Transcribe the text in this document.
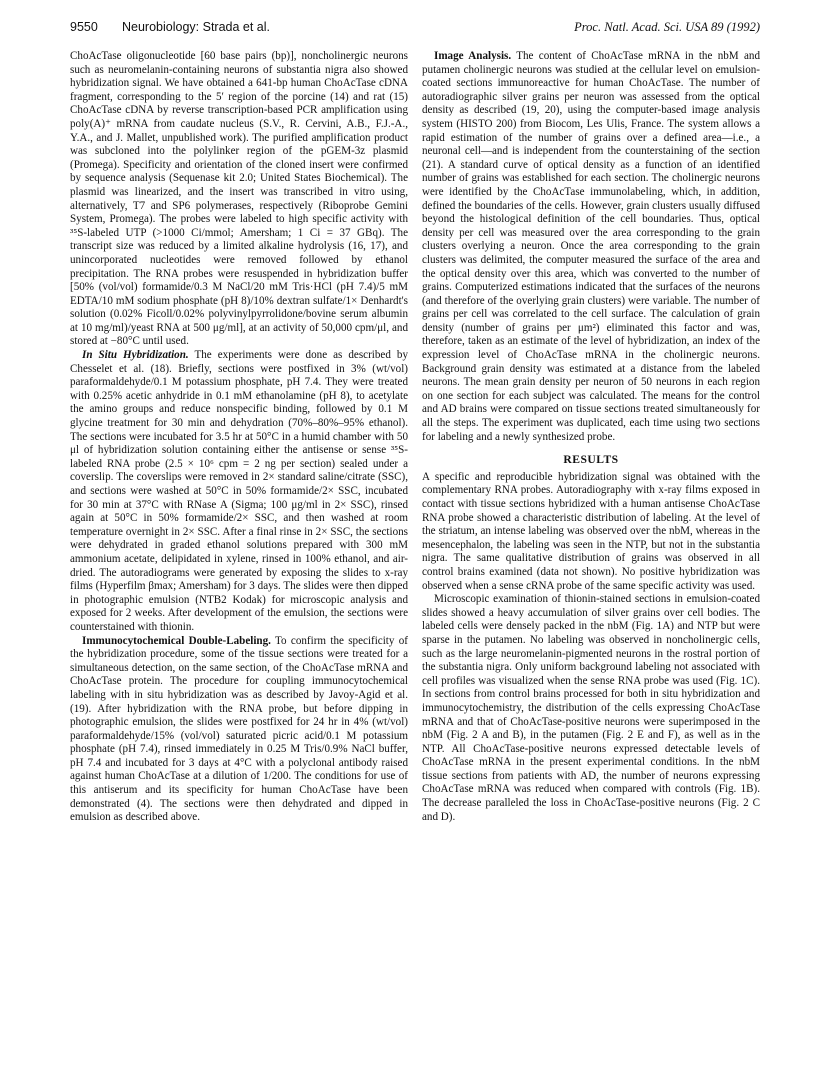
9550 Neurobiology: Strada et al.	Proc. Natl. Acad. Sci. USA 89 (1992)

ChoAcTase oligonucleotide [60 base pairs (bp)], noncholinergic neurons such as neuromelanin-containing neurons of substantia nigra also showed hybridization signal. We have obtained a 641-bp human ChoAcTase cDNA fragment, corresponding to the 5′ region of the porcine (14) and rat (15) ChoAcTase cDNA by reverse transcription-based PCR amplification using poly(A)⁺ mRNA from caudate nucleus (S.V., R. Cervini, A.B., F.J.-A., Y.A., and J. Mallet, unpublished work). The purified amplification product was subcloned into the polylinker region of the pGEM-3z plasmid (Promega). Specificity and orientation of the cloned insert were confirmed by sequence analysis (Sequenase kit 2.0; United States Biochemical). The plasmid was linearized, and the insert was transcribed in vitro using, alternatively, T7 and SP6 polymerases, respectively (Riboprobe Gemini System, Promega). The probes were labeled to high specific activity with ³⁵S-labeled UTP (>1000 Ci/mmol; Amersham; 1 Ci = 37 GBq). The transcript size was reduced by a limited alkaline hydrolysis (16, 17), and unincorporated nucleotides were removed followed by ethanol precipitation. The RNA probes were resuspended in hybridization buffer [50% (vol/vol) formamide/0.3 M NaCl/20 mM Tris·HCl (pH 7.4)/5 mM EDTA/10 mM sodium phosphate (pH 8)/10% dextran sulfate/1× Denhardt's solution (0.02% Ficoll/0.02% polyvinylpyrrolidone/bovine serum albumin at 10 mg/ml)/yeast RNA at 500 μg/ml], at an activity of 50,000 cpm/μl, and stored at −80°C until used.

In Situ Hybridization. The experiments were done as described by Chesselet et al. (18). Briefly, sections were postfixed in 3% (wt/vol) paraformaldehyde/0.1 M potassium phosphate, pH 7.4. They were treated with 0.25% acetic anhydride in 0.1 mM ethanolamine (pH 8), to acetylate the amino groups and reduce nonspecific binding, followed by 0.1 M glycine treatment for 30 min and dehydration (70%–80%–95% ethanol). The sections were incubated for 3.5 hr at 50°C in a humid chamber with 50 μl of hybridization solution containing either the antisense or sense ³⁵S-labeled RNA probe (2.5 × 10⁶ cpm = 2 ng per section) sealed under a coverslip. The coverslips were removed in 2× standard saline/citrate (SSC), and sections were washed at 50°C in 50% formamide/2× SSC, incubated for 30 min at 37°C with RNase A (Sigma; 100 μg/ml in 2× SSC), rinsed again at 50°C in 50% formamide/2× SSC, and then washed at room temperature overnight in 2× SSC. After a final rinse in 2× SSC, the sections were dehydrated in graded ethanol solutions prepared with 300 mM ammonium acetate, delipidated in xylene, rinsed in 100% ethanol, and air-dried. The autoradiograms were generated by exposing the slides to x-ray films (Hyperfilm βmax; Amersham) for 3 days. The slides were then dipped in photographic emulsion (NTB2 Kodak) for microscopic analysis and exposed for 2 weeks. After development of the emulsion, the sections were counterstained with thionin.

Immunocytochemical Double-Labeling. To confirm the specificity of the hybridization procedure, some of the tissue sections were treated for a simultaneous detection, on the same section, of the ChoAcTase mRNA and ChoAcTase protein. The procedure for coupling immunocytochemical labeling with in situ hybridization was as described by Javoy-Agid et al. (19). After hybridization with the RNA probe, but before dipping in photographic emulsion, the slides were postfixed for 24 hr in 4% (wt/vol) paraformaldehyde/15% (vol/vol) saturated picric acid/0.1 M potassium phosphate (pH 7.4), rinsed immediately in 0.25 M Tris/0.9% NaCl buffer, pH 7.4 and incubated for 3 days at 4°C with a polyclonal antibody raised against human ChoAcTase at a dilution of 1/200. The conditions for use of this antiserum and its specificity for human ChoAcTase have been demonstrated (4). The sections were then dehydrated and dipped in emulsion as described above.

Image Analysis. The content of ChoAcTase mRNA in the nbM and putamen cholinergic neurons was studied at the cellular level on emulsion-coated sections immunoreactive for human ChoAcTase. The number of autoradiographic silver grains per neuron was assessed from the optical density as described (19, 20), using the computer-based image analysis system (HISTO 200) from Biocom, Les Ulis, France. The system allows a rapid estimation of the number of grains over a defined area—i.e., a neuronal cell—and is independent from the counterstaining of the section (21). A standard curve of optical density as a function of an identified number of grains was established for each section. The cholinergic neurons were identified by the ChoAcTase immunolabeling, which, in addition, defined the boundaries of the cells. However, grain clusters usually diffused beyond the histological definition of the cell boundaries. Thus, optical density per cell was measured over the area corresponding to the grain clusters overlying a neuron. Once the area corresponding to the grain clusters was delimited, the computer measured the surface of the area and the optical density over this area, which was converted to the number of grains. Computerized estimations indicated that the surfaces of the neurons (and therefore of the overlying grain clusters) were variable. The number of grains per cell was correlated to the cell surface. The calculation of grain density (number of grains per μm²) eliminated this factor and was, therefore, taken as an estimate of the level of hybridization, an index of the expression level of ChoAcTase mRNA in the cholinergic neurons. Background grain density was estimated at a distance from the labeled neurons. The mean grain density per neuron of 50 neurons in each region on one section for each subject was calculated. The means for the control and AD brains were compared on tissue sections treated simultaneously for all the steps. The experiment was duplicated, each time using two sections for labeling and a newly synthesized probe.

RESULTS

A specific and reproducible hybridization signal was obtained with the complementary RNA probes. Autoradiography with x-ray films exposed in contact with tissue sections hybridized with a human antisense ChoAcTase RNA probe showed a characteristic distribution of labeling. At the level of the striatum, an intense labeling was observed over the nbM, whereas in the mesencephalon, the labeling was seen in the NTP, but not in the substantia nigra. The same qualitative distribution of grains was observed in all control brains examined (data not shown). No positive hybridization was observed when a sense cRNA probe of the same specific activity was used.

Microscopic examination of thionin-stained sections in emulsion-coated slides showed a heavy accumulation of silver grains over cell bodies. The labeled cells were densely packed in the nbM (Fig. 1A) and NTP but were sparse in the putamen. No labeling was observed in noncholinergic cells, such as the large neuromelanin-pigmented neurons in the rostral portion of the substantia nigra. Only uniform background labeling not associated with cell profiles was visualized when the sense RNA probe was used (Fig. 1C). In sections from control brains processed for both in situ hybridization and immunocytochemistry, the distribution of the cells expressing ChoAcTase mRNA and that of ChoAcTase-positive neurons were superimposed in the nbM (Fig. 2 A and B), in the putamen (Fig. 2 E and F), as well as in the NTP. All ChoAcTase-positive neurons expressed detectable levels of ChoAcTase mRNA in the present experimental conditions. In the nbM tissue sections from patients with AD, the number of neurons expressing ChoAcTase mRNA was reduced when compared with controls (Fig. 1B). The decrease paralleled the loss in ChoAcTase-positive neurons (Fig. 2 C and D).
